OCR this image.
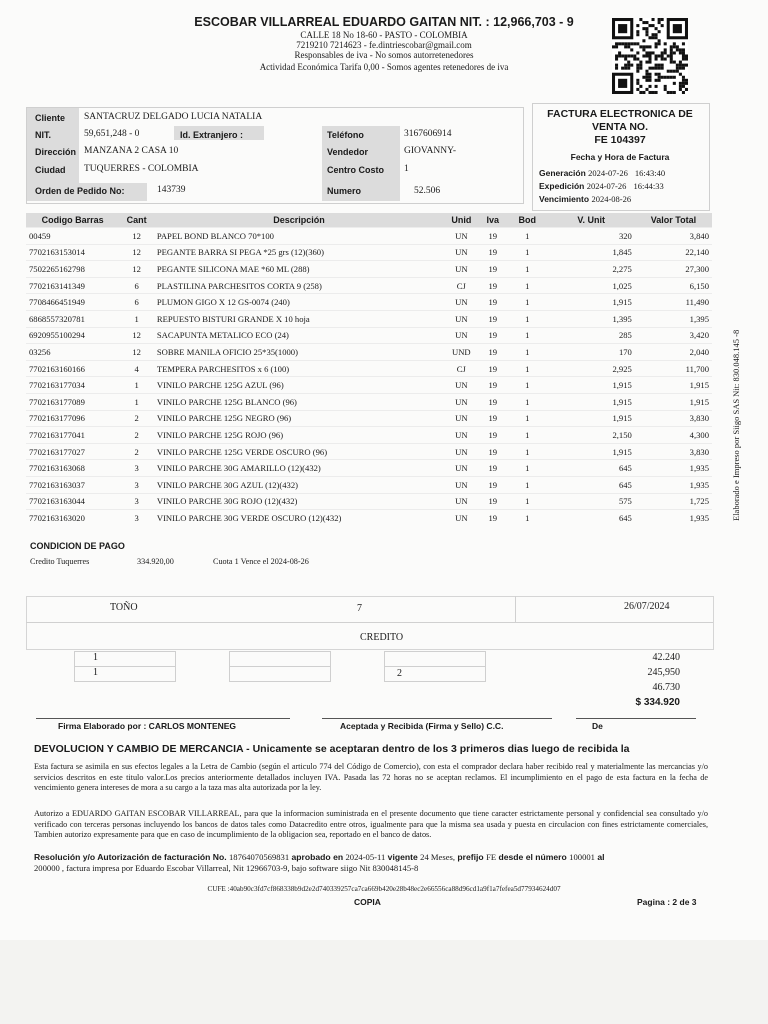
ESCOBAR VILLARREAL EDUARDO GAITAN NIT. : 12,966,703 - 9
CALLE 18 No 18-60 - PASTO - COLOMBIA
7219210 7214623 - fe.dintriescobar@gmail.com
Responsables de iva - No somos autorretenedores
Actividad Económica Tarifa 0,00 - Somos agentes retenedores de iva
Cliente SANTACRUZ DELGADO LUCIA NATALIA
NIT.	59,651,248 - 0	Id. Extranjero :	Teléfono	3167606914
Dirección MANZANA 2 CASA 10	Vendedor	GIOVANNY-
Ciudad TUQUERRES - COLOMBIA	Centro Costo 1
Orden de Pedido No:	143739	Numero	52.506
FACTURA ELECTRONICA DE
VENTA NO.
FE 104397
Fecha y Hora de Factura
Generación 2024-07-26 16:43:40
Expedición 2024-07-26 16:44:33
Vencimiento 2024-08-26
Codigo Barras	Cant	Descripción	Unid	Iva	Bod	V. Unit	Valor Total
00459	12	PAPEL BOND BLANCO 70*100	UN	19	1	320	3,840
7702163153014	12	PEGANTE BARRA SI PEGA *25 grs (12)(360)	UN	19	1	1,845	22,140
7502265162798	12	PEGANTE SILICONA MAE *60 ML (288)	UN	19	1	2,275	27,300
7702163141349	6	PLASTILINA PARCHESITOS CORTA 9 (258)	CJ	19	1	1,025	6,150
7708466451949	6	PLUMON GIGO X 12 GS-0074 (240)	UN	19	1	1,915	11,490
6868557320781	1	REPUESTO BISTURI GRANDE X 10 hoja	UN	19	1	1,395	1,395
6920955100294	12	SACAPUNTA METALICO ECO (24)	UN	19	1	285	3,420
03256	12	SOBRE MANILA OFICIO 25*35(1000)	UND	19	1	170	2,040
7702163160166	4	TEMPERA PARCHESITOS x 6 (100)	CJ	19	1	2,925	11,700
7702163177034	1	VINILO PARCHE 125G AZUL (96)	UN	19	1	1,915	1,915
7702163177089	1	VINILO PARCHE 125G BLANCO (96)	UN	19	1	1,915	1,915
7702163177096	2	VINILO PARCHE 125G NEGRO (96)	UN	19	1	1,915	3,830
7702163177041	2	VINILO PARCHE 125G ROJO (96)	UN	19	1	2,150	4,300
7702163177027	2	VINILO PARCHE 125G VERDE OSCURO (96)	UN	19	1	1,915	3,830
7702163163068	3	VINILO PARCHE 30G AMARILLO (12)(432)	UN	19	1	645	1,935
7702163163037	3	VINILO PARCHE 30G AZUL (12)(432)	UN	19	1	645	1,935
7702163163044	3	VINILO PARCHE 30G ROJO (12)(432)	UN	19	1	575	1,725
7702163163020	3	VINILO PARCHE 30G VERDE OSCURO (12)(432)	UN	19	1	645	1,935	Elaborado e Impreso por Siigo SAS Nit: 830.048.145 -8
CONDICION DE PAGO
Credito Tuquerres	334.920,00	Cuota 1 Vence el 2024-08-26
TOÑO	7	26/07/2024
CREDITO
1
1	2
42.240
245,950
46.730
$ 334.920
Firma Elaborado por : CARLOS MONTENEG	Aceptada y Recibida (Firma y Sello) C.C.	De
DEVOLUCION Y CAMBIO DE MERCANCIA - Unicamente se aceptaran dentro de los 3 primeros dias luego de recibida la
Esta factura se asimila en sus efectos legales a la Letra de Cambio (según el articulo 774 del Código de Comercio), con esta el comprador declara haber recibido real y materialmente las mercancias y/o servicios descritos en este titulo valor.Los precios anteriormente detallados incluyen IVA. Pasada las 72 horas no se aceptan reclamos. El incumplimiento en el pago de esta factura en la fecha de vencimiento genera intereses de mora a su cargo a la taza mas alta autorizada por la ley.
Autorizo a EDUARDO GAITAN ESCOBAR VILLARREAL, para que la informacion suministrada en el presente documento que tiene caracter estrictamente personal y confidencial sea consultado y/o verificado con terceras personas incluyendo los bancos de datos tales como Datacredito entre otros, igualmente para que la misma sea usada y puesta en circulacion con fines estrictamente comerciales, Tambien autorizo expresamente para que en caso de incumplimiento de la obligacion sea, reportado en el banco de datos.
Resolución y/o Autorización de facturación No. 18764070569831 aprobado en 2024-05-11 vigente 24 Meses, prefijo FE desde el número 100001 al
200000 , factura impresa por Eduardo Escobar Villarreal, Nit 12966703-9, bajo software siigo Nit 830048145-8
CUFE :40ab90c3fd7cf868338b9d2e2d740339257ca7ca669b420e28b48ec2e66556ca88d96cd1a9f1a7fefea5d77934624d07
COPIA	Pagina : 2 de 3
